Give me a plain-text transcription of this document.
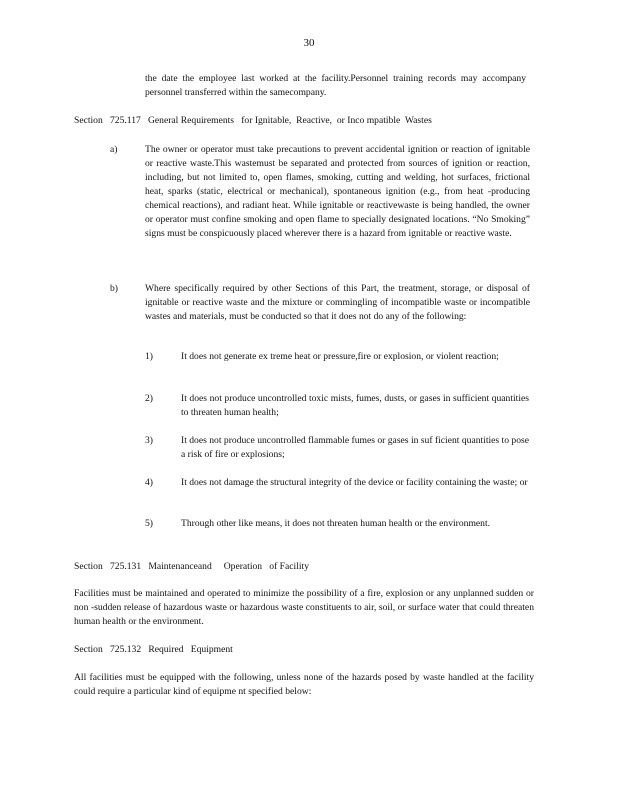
30

the date the employee last worked at the facility.Personnel training records may accompany personnel transferred within the samecompany.

Section   725.117   General Requirements   for Ignitable,  Reactive,  or Inco mpatible  Wastes
a)	The owner or operator must take precautions to prevent accidental ignition or reaction of ignitable or reactive waste.This wastemust be separated and protected from sources of ignition or reaction, including, but not limited to, open flames, smoking, cutting and welding, hot surfaces, frictional heat, sparks (static, electrical or mechanical), spontaneous ignition (e.g., from heat -producing chemical reactions), and radiant heat. While ignitable or reactivewaste is being handled, the owner or operator must confine smoking and open flame to specially designated locations. “No Smoking” signs must be conspicuously placed wherever there is a hazard from ignitable or reactive waste.

b)	Where specifically required by other Sections of this Part, the treatment, storage, or disposal of ignitable or reactive waste and the mixture or commingling of incompatible waste or incompatible wastes and materials, must be conducted so that it does not do any of the following:

1)	It does not generate ex treme heat or pressure,fire or explosion, or violent reaction;

2)	It does not produce uncontrolled toxic mists, fumes, dusts, or gases in sufficient quantities to threaten human health;

3)	It does not produce uncontrolled flammable fumes or gases in suf ficient quantities to pose a risk of fire or explosions;

4)	It does not damage the structural integrity of the device or facility containing the waste; or

5)	Through other like means, it does not threaten human health or the environment.

Section   725.131   Maintenanceand     Operation   of Facility

Facilities must be maintained and operated to minimize the possibility of a fire, explosion or any unplanned sudden or non -sudden release of hazardous waste or hazardous waste constituents to air, soil, or surface water that could threaten human health or the environment.

Section   725.132   Required   Equipment

All facilities must be equipped with the following, unless none of the hazards posed by waste handled at the facility could require a particular kind of equipme nt specified below:
